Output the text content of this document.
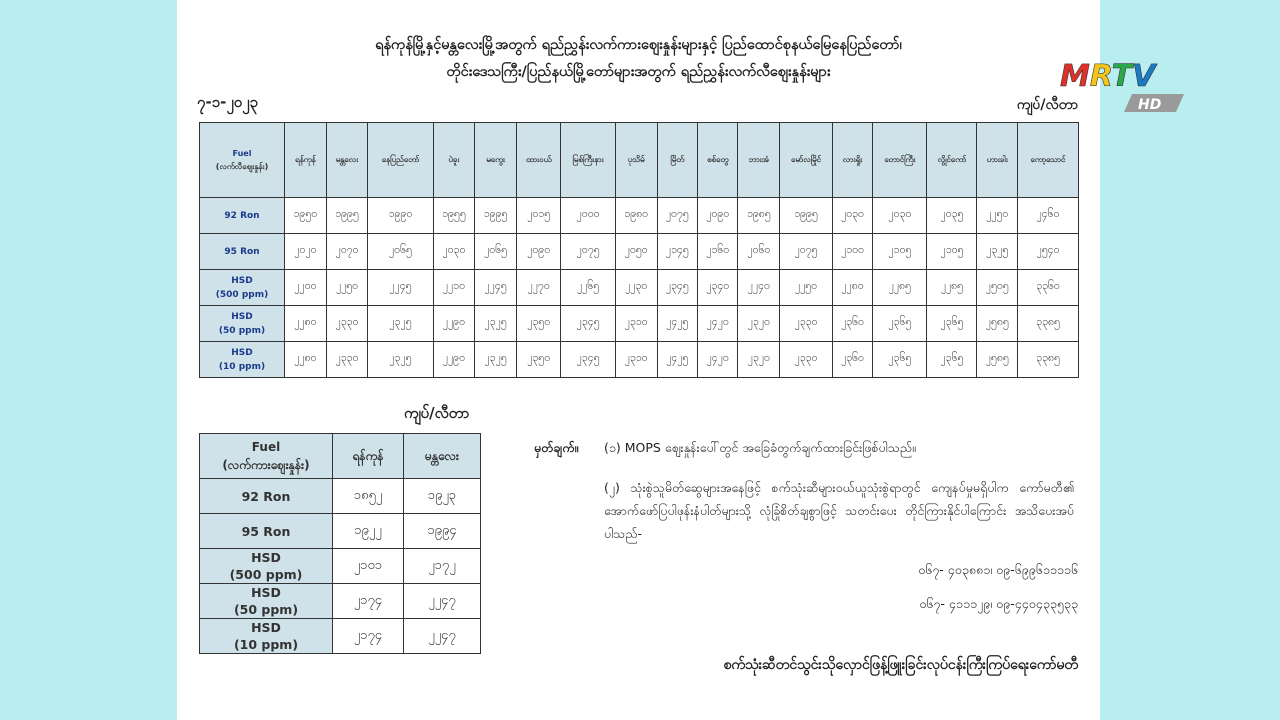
ရန်ကုန်မြို့နှင့်မန္တလေးမြို့အတွက် ရည်ညွှန်းလက်ကားဈေးနှုန်းများနှင့် ပြည်ထောင်စုနယ်မြေနေပြည်တော်၊
တိုင်းဒေသကြီး/ပြည်နယ်မြို့တော်များအတွက် ရည်ညွှန်းလက်လီဈေးနှုန်းများ
၇-၁-၂၀၂၃	ကျပ်/လီတာ
Fuel
(လက်လီဈေးနှုန်း)	ရန်ကုန်	မန္တလေး	နေပြည်တော်	ပဲခူး	မကွေး	ထားဝယ်	မြစ်ကြီးနား	ပုသိမ်	မြိတ်	စစ်တွေ	ဘားအံ	မော်လမြိုင်	လားရှိုး	တောင်ကြီး	လွိုင်ကော်	ဟားခါး	ကော့သောင်

92 Ron	၁၉၅၀	၁၉၉၅	၁၉၉၀	၁၉၅၅	၁၉၉၅	၂၀၁၅	၂၀၀၀	၁၉၈၀	၂၀၇၅	၂၀၉၀	၁၉၈၅	၁၉၉၅	၂၀၃၀	၂၀၃၀	၂၀၃၅	၂၂၅၀	၂၄၆၀

95 Ron	၂၀၂၀	၂၀၇၀	၂၀၆၅	၂၀၃၀	၂၀၆၅	၂၀၉၀	၂၀၇၅	၂၀၅၀	၂၁၄၅	၂၁၆၀	၂၀၆၀	၂၀၇၅	၂၁၀၀	၂၁၀၅	၂၁၀၅	၂၃၂၅	၂၅၄၀

HSD
(500 ppm)	၂၂၀၀	၂၂၅၀	၂၂၄၅	၂၂၁၀	၂၂၄၅	၂၂၇၀	၂၂၆၅	၂၂၃၀	၂၃၄၅	၂၃၄၀	၂၂၄၀	၂၂၅၀	၂၂၈၀	၂၂၈၅	၂၂၈၅	၂၅၀၅	၃၃၆၀

HSD
(50 ppm)	၂၂၈၀	၂၃၃၀	၂၃၂၅	၂၂၉၀	၂၃၂၅	၂၃၅၀	၂၃၄၅	၂၃၁၀	၂၄၂၅	၂၄၂၀	၂၃၂၀	၂၃၃၀	၂၃၆၀	၂၃၆၅	၂၃၆၅	၂၅၈၅	၃၃၈၅

HSD
(10 ppm)	၂၂၈၀	၂၃၃၀	၂၃၂၅	၂၂၉၀	၂၃၂၅	၂၃၅၀	၂၃၄၅	၂၃၁၀	၂၄၂၅	၂၄၂၀	၂၃၂၀	၂၃၃၀	၂၃၆၀	၂၃၆၅	၂၃၆၅	၂၅၈၅	၃၃၈၅
ကျပ်/လီတာ
Fuel
(လက်ကားဈေးနှုန်း)	ရန်ကုန်	မန္တလေး

92 Ron	၁၈၅၂	၁၉၂၃

95 Ron	၁၉၂၂	၁၉၉၄

HSD
(500 ppm)	၂၁၀၁	၂၁၇၂

HSD
(50 ppm)	၂၁၇၄	၂၂၄၇

HSD
(10 ppm)	၂၁၇၄	၂၂၄၇
မှတ်ချက်။ (၁) MOPS ဈေးနှုန်းပေါ်တွင် အခြေခံတွက်ချက်ထားခြင်းဖြစ်ပါသည်။
(၂) သုံးစွဲသူမိတ်ဆွေများအနေဖြင့် စက်သုံးဆီများဝယ်ယူသုံးစွဲရာတွင် ကျေနပ်မှုမရှိပါက ကော်မတီ၏ အောက်ဖော်ပြပါဖုန်းနံပါတ်များသို့ လုံခြုံစိတ်ချစွာဖြင့် သတင်းပေး တိုင်ကြားနိုင်ပါကြောင်း အသိပေးအပ်ပါသည်-
၀၆၇- ၄၀၃၈၈၁၊ ၀၉-၆၉၉၆၁၁၁၁၆
၀၆၇- ၄၁၁၁၂၉၊ ၀၉-၄၄၀၄၃၃၅၃၃
စက်သုံးဆီတင်သွင်းသိုလှောင်ဖြန့်ဖြူးခြင်းလုပ်ငန်းကြီးကြပ်ရေးကော်မတီ
MRTV
HD
